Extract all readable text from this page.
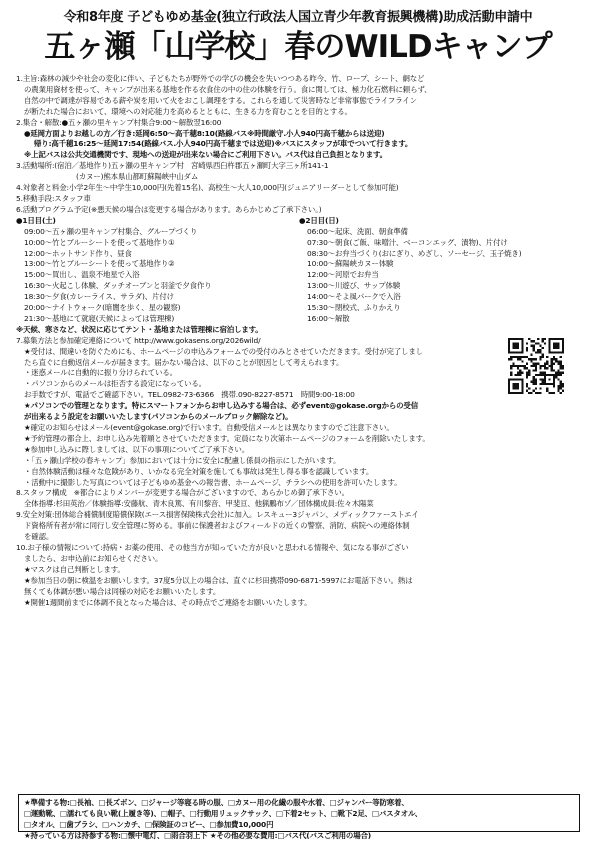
令和8年度 子どもゆめ基金(独立行政法人国立青少年教育振興機構)助成活動申請中
五ヶ瀬「山学校」春のWILDキャンプ
1.主旨:森林の減少や社会の変化に伴い、子どもたちが野外での学びの機会を失いつつある昨今、竹、ロープ、シート、網など
の農業用資材を使って、キャンプが出来る基地を作る衣食住の中の住の体験を行う。食に関しては、極力化石燃料に頼らず、
自然の中で調達が容易である薪や炭を用いて火をおこし調理をする。これらを通して災害時など非常事態でライフライン
が断たれた場合において、環境への対応能力を高めるとともに、生きる力を育むことを目的とする。
2.集合・解散:●五ヶ瀬の里キャンプ村集合9:00～解散翌16:00
●延岡方面よりお越しの方／行き:延岡6:50～高千穂8:10(路線バス※時間厳守.小人940円高千穂からは送迎)
帰り:高千穂16:25～延岡17:54(路線バス.小人940円高千穂までは送迎)※バスにスタッフが車でついて行きます。
※上記バスは公共交通機関です、現地への送迎が出来ない場合にご利用下さい。バス代は自己負担となります。
3.活動場所:(宿泊／基地作り)五ヶ瀬の里キャンプ村　宮崎県西臼杵郡五ヶ瀬町大字三ヶ所141-1
(カヌー)熊本県山都町蘇陽峡中山ダム
4.対象者と料金:小学2年生～中学生10,000円(先着15名)、高校生～大人10,000円(ジュニアリーダーとして参加可能)
5.移動手段:スタッフ車
6.活動プログラム予定(※悪天候の場合は変更する場合があります。あらかじめご了承下さい。)
●1日目(土)
09:00～五ヶ瀬の里キャンプ村集合、グループづくり
10:00～竹とブルーシートを使って基地作り①
12:00～ホットサンド作り、昼食
13:00～竹とブルーシートを使って基地作り②
15:00～買出し、温泉不地星で入浴
16:30～火起こし体験、ダッチオーブンと羽釜で夕食作り
18:30～夕食(カレーライス、サラダ)、片付け
20:00～ナイトウォーク(暗闇を歩く、星の観察)
21:30～基地にて就寝(天候によっては管理棟)
●2日目(日)
06:00～起床、洗面、朝食準備
07:30～朝食(ご飯、味噌汁、ベーコンエッグ、漬物)、片付け
08:30～お弁当づくり(おにぎり、めざし、ソーセージ、玉子焼き)
10:00～蘇陽峡カヌー体験
12:00～河原でお弁当
13:00～川遊び、サップ体験
14:00～そよ風パークで入浴
15:30～閉校式、ふりかえり
16:00～解散
※天候、寒さなど、状況に応じてテント・基地または管理棟に宿泊します。
7.募集方法と参加確定連絡について http://www.gokasens.org/2026wild/
★受付は、間違いを防ぐためにも、ホームページの申込みフォームでの受付のみとさせていただきます。受付が完了しまし
たら直ぐに自動返信メールが届きます。届かない場合は、以下のことが原因として考えられます。
・迷惑メールに自動的に振り分けられている。
・パソコンからのメールは拒否する設定になっている。
お手数ですが、電話でご確認下さい。TEL.0982-73-6366　携帯.090-8227-8571　時間9:00-18:00
★パソコンでの管理となります。特にスマートフォンからお申し込みする場合は、必ずevent@gokase.orgからの受信
が出来るよう設定をお願いいたします(パソコンからのメールブロック解除など)。
★確定のお知らせはメール(event@gokase.org)で行います。自動受信メールとは異なりますのでご注意下さい。
★予約管理の都合上、お申し込み先着順とさせていただきます。定員になり次第ホームページのフォームを削除いたします。
★参加申し込みに際しましては、以下の事項についてご了承下さい。
・「五ヶ瀬山学校の春キャンプ」参加においては十分に安全に配慮し係員の指示にしたがいます。
・自然体験活動は様々な危険があり、いかなる完全対策を施しても事故は発生し得る事を認識しています。
・活動中に撮影した写真については子どもゆめ基金への報告書、ホームページ、チラシへの使用を許可いたします。
8.スタッフ構成　※都合によりメンバーが変更する場合がございますので、あらかじめ御了承下さい。
全体指導:杉田英治／体験指導:安藤航、青木良篤、有川黎音、甲斐亘、他猟鵬布ゾ／団体構成員:佐々木陽菜
9.安全対策:団体総合補償制度賠償保険(エース損害保険株式会社)に加入。レスキュー3ジャパン、メディックファーストエイ
ド資格所有者が常に同行し安全管理に努める。事前に保護者およびフィールドの近くの警察、消防、病院への連絡体制
を確認。
10.お子様の情報について:持病・お薬の使用、その他当方が知っていた方が良いと思われる情報や、気になる事がござい
ましたら、お申込前にお知らせください。
★マスクは自己判断とします。
★参加当日の朝に検温をお願いします。37度5分以上の場合は、直ぐに杉田携帯090-6871-5997にお電話下さい。熱は
無くても体調が悪い場合は同様の対応をお願いいたします。
★開催1週間前までに体調不良となった場合は、その時点でご連絡をお願いいたします。
★準備する物:□長袖、□長ズボン、□ジャージ等寝る時の服、□カヌー用の化繊の服や水着、□ジャンパー等防寒着、
□運動靴、□濡れても良い靴(上履き等)、□帽子、□行動用リュックサック、□下着2セット、□靴下2足、□バスタオル、
□タオル、□歯ブラシ、□ハンカチ、□保険証のコピー、□参加費10,000円
★持っている方は持参する物:□懐中電灯、□雨合羽上下 ★その他必要な費用:□バス代(バスご利用の場合)
